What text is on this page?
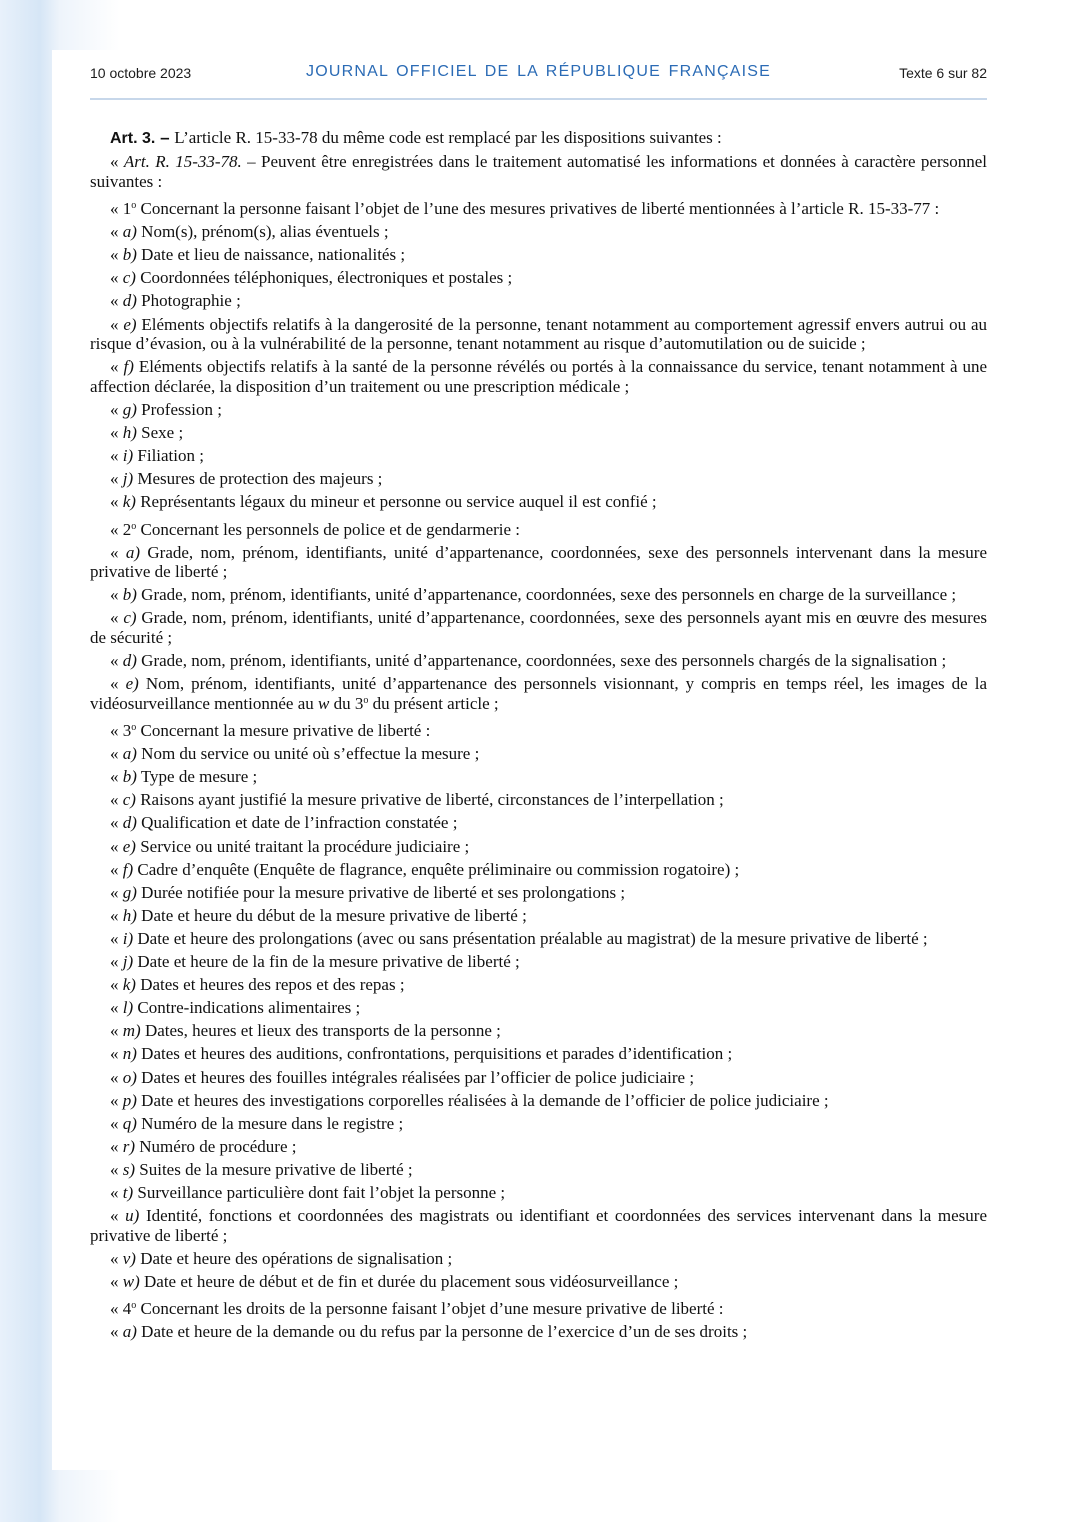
10 octobre 2023	JOURNAL OFFICIEL DE LA RÉPUBLIQUE FRANÇAISE	Texte 6 sur 82

Art. 3. – L’article R. 15-33-78 du même code est remplacé par les dispositions suivantes :

« Art. R. 15-33-78. – Peuvent être enregistrées dans le traitement automatisé les informations et données à caractère personnel suivantes :

« 1$^o$ Concernant la personne faisant l’objet de l’une des mesures privatives de liberté mentionnées à l’article R. 15-33-77 :

« a) Nom(s), prénom(s), alias éventuels ;

« b) Date et lieu de naissance, nationalités ;

« c) Coordonnées téléphoniques, électroniques et postales ;

« d) Photographie ;

« e) Eléments objectifs relatifs à la dangerosité de la personne, tenant notamment au comportement agressif envers autrui ou au risque d’évasion, ou à la vulnérabilité de la personne, tenant notamment au risque d’automutilation ou de suicide ;

« f) Eléments objectifs relatifs à la santé de la personne révélés ou portés à la connaissance du service, tenant notamment à une affection déclarée, la disposition d’un traitement ou une prescription médicale ;

« g) Profession ;

« h) Sexe ;

« i) Filiation ;

« j) Mesures de protection des majeurs ;

« k) Représentants légaux du mineur et personne ou service auquel il est confié ;

« 2$^o$ Concernant les personnels de police et de gendarmerie :

« a) Grade, nom, prénom, identifiants, unité d’appartenance, coordonnées, sexe des personnels intervenant dans la mesure privative de liberté ;

« b) Grade, nom, prénom, identifiants, unité d’appartenance, coordonnées, sexe des personnels en charge de la surveillance ;

« c) Grade, nom, prénom, identifiants, unité d’appartenance, coordonnées, sexe des personnels ayant mis en œuvre des mesures de sécurité ;

« d) Grade, nom, prénom, identifiants, unité d’appartenance, coordonnées, sexe des personnels chargés de la signalisation ;

« e) Nom, prénom, identifiants, unité d’appartenance des personnels visionnant, y compris en temps réel, les images de la vidéosurveillance mentionnée au w du 3$^o$ du présent article ;

« 3$^o$ Concernant la mesure privative de liberté :

« a) Nom du service ou unité où s’effectue la mesure ;

« b) Type de mesure ;

« c) Raisons ayant justifié la mesure privative de liberté, circonstances de l’interpellation ;

« d) Qualification et date de l’infraction constatée ;

« e) Service ou unité traitant la procédure judiciaire ;

« f) Cadre d’enquête (Enquête de flagrance, enquête préliminaire ou commission rogatoire) ;

« g) Durée notifiée pour la mesure privative de liberté et ses prolongations ;

« h) Date et heure du début de la mesure privative de liberté ;

« i) Date et heure des prolongations (avec ou sans présentation préalable au magistrat) de la mesure privative de liberté ;

« j) Date et heure de la fin de la mesure privative de liberté ;

« k) Dates et heures des repos et des repas ;

« l) Contre-indications alimentaires ;

« m) Dates, heures et lieux des transports de la personne ;

« n) Dates et heures des auditions, confrontations, perquisitions et parades d’identification ;

« o) Dates et heures des fouilles intégrales réalisées par l’officier de police judiciaire ;

« p) Date et heures des investigations corporelles réalisées à la demande de l’officier de police judiciaire ;

« q) Numéro de la mesure dans le registre ;

« r) Numéro de procédure ;

« s) Suites de la mesure privative de liberté ;

« t) Surveillance particulière dont fait l’objet la personne ;

« u) Identité, fonctions et coordonnées des magistrats ou identifiant et coordonnées des services intervenant dans la mesure privative de liberté ;

« v) Date et heure des opérations de signalisation ;

« w) Date et heure de début et de fin et durée du placement sous vidéosurveillance ;

« 4$^o$ Concernant les droits de la personne faisant l’objet d’une mesure privative de liberté :

« a) Date et heure de la demande ou du refus par la personne de l’exercice d’un de ses droits ;
